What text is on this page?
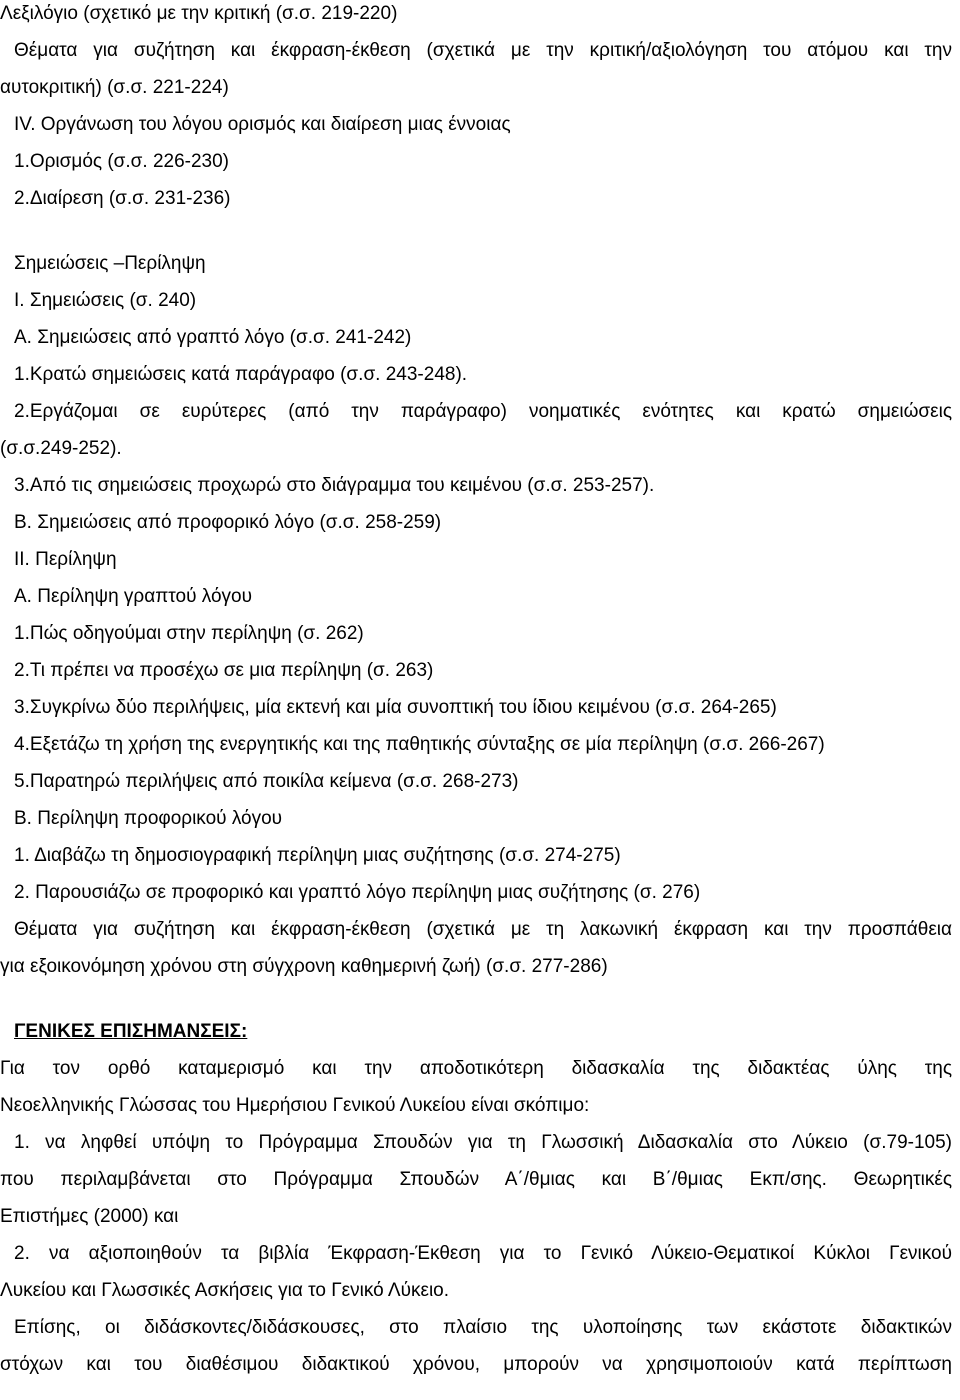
Λεξιλόγιο (σχετικό με την κριτική (σ.σ. 219-220)

Θέματα για συζήτηση και έκφραση-έκθεση (σχετικά με την κριτική/αξιολόγηση του ατόμου και την

αυτοκριτική) (σ.σ. 221-224)

IV. Οργάνωση του λόγου ορισμός και διαίρεση μιας έννοιας

1.Ορισμός (σ.σ. 226-230)

2.Διαίρεση (σ.σ. 231-236)

Σημειώσεις –Περίληψη

I. Σημειώσεις (σ. 240)

A. Σημειώσεις από γραπτό λόγο (σ.σ. 241-242)

1.Κρατώ σημειώσεις κατά παράγραφο (σ.σ. 243-248).

2.Εργάζομαι σε ευρύτερες (από την παράγραφο) νοηματικές ενότητες και κρατώ σημειώσεις

(σ.σ.249-252).

3.Από τις σημειώσεις προχωρώ στο διάγραμμα του κειμένου (σ.σ. 253-257).

B. Σημειώσεις από προφορικό λόγο (σ.σ. 258-259)

II. Περίληψη

A. Περίληψη γραπτού λόγου

1.Πώς οδηγούμαι στην περίληψη (σ. 262)

2.Τι πρέπει να προσέχω σε μια περίληψη (σ. 263)

3.Συγκρίνω δύο περιλήψεις, μία εκτενή και μία συνοπτική του ίδιου κειμένου (σ.σ. 264-265)

4.Εξετάζω τη χρήση της ενεργητικής και της παθητικής σύνταξης σε μία περίληψη (σ.σ. 266-267)

5.Παρατηρώ περιλήψεις από ποικίλα κείμενα (σ.σ. 268-273)

B. Περίληψη προφορικού λόγου

1. Διαβάζω τη δημοσιογραφική περίληψη μιας συζήτησης (σ.σ. 274-275)

2. Παρουσιάζω σε προφορικό και γραπτό λόγο περίληψη μιας συζήτησης (σ. 276)

Θέματα για συζήτηση και έκφραση-έκθεση (σχετικά με τη λακωνική έκφραση και την προσπάθεια

για εξοικονόμηση χρόνου στη σύγχρονη καθημερινή ζωή) (σ.σ. 277-286)

ΓΕΝΙΚΕΣ ΕΠΙΣΗΜΑΝΣΕΙΣ:

Για τον ορθό καταμερισμό και την αποδοτικότερη διδασκαλία της διδακτέας ύλης της

Νεοελληνικής Γλώσσας του Ημερήσιου Γενικού Λυκείου είναι σκόπιμο:

1. να ληφθεί υπόψη το Πρόγραμμα Σπουδών για τη Γλωσσική Διδασκαλία στο Λύκειο (σ.79-105)

που περιλαμβάνεται στο Πρόγραμμα Σπουδών Α΄/θμιας και Β΄/θμιας Εκπ/σης. Θεωρητικές

Επιστήμες (2000) και

2. να αξιοποιηθούν τα βιβλία Έκφραση-Έκθεση για το Γενικό Λύκειο-Θεματικοί Κύκλοι Γενικού

Λυκείου και Γλωσσικές Ασκήσεις για το Γενικό Λύκειο.

Επίσης, οι διδάσκοντες/διδάσκουσες, στο πλαίσιο της υλοποίησης των εκάστοτε διδακτικών

στόχων και του διαθέσιμου διδακτικού χρόνου, μπορούν να χρησιμοποιούν κατά περίπτωση
